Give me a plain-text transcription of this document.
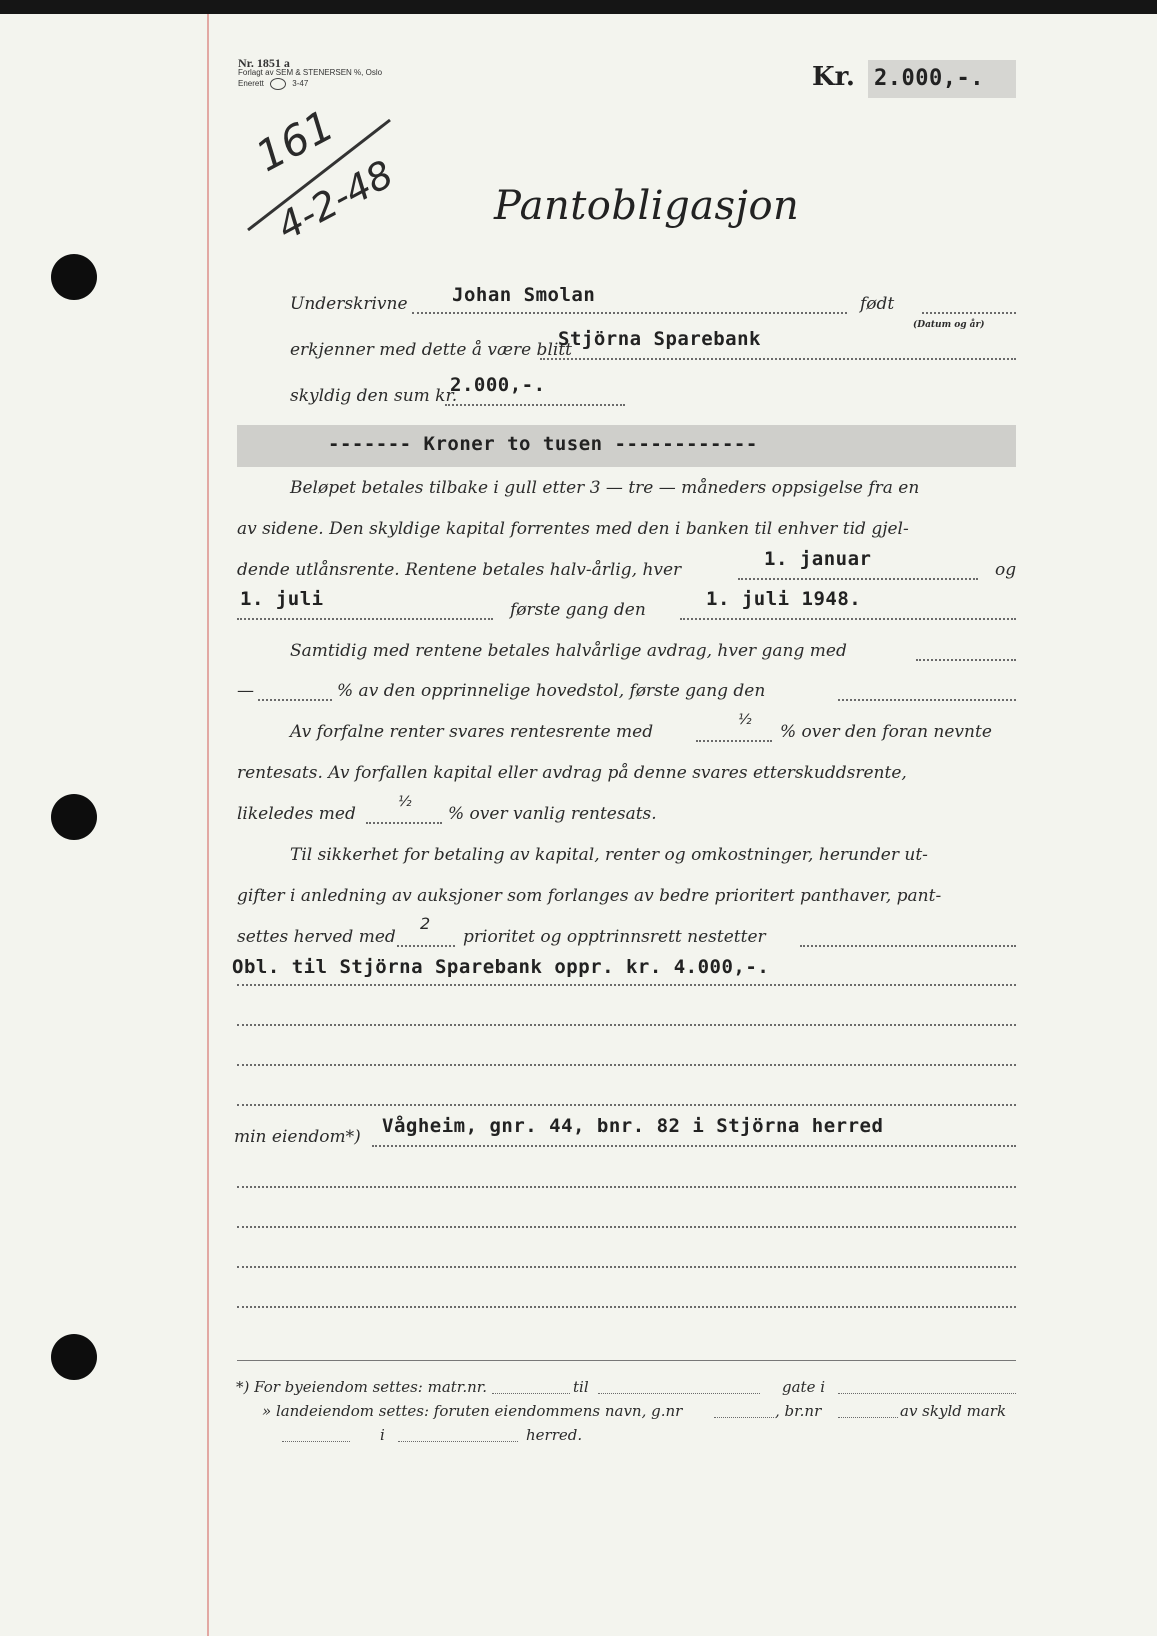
Nr. 1851 a
Forlagt av SEM & STENERSEN %, Oslo
Enerett	3-47
161
4-2-48
Kr. 2.000,-.
Pantobligasjon
Underskrivne Johan Smolan	født
(Datum og år)
erkjenner med dette å være blitt
Stjörna Sparebank
skyldig den sum kr.
2.000,-.
------- Kroner to tusen ------------
Beløpet betales tilbake i gull etter 3 — tre — måneders oppsigelse fra en
av sidene. Den skyldige kapital forrentes med den i banken til enhver tid gjel-
dende utlånsrente. Rentene betales halv-årlig, hver	1. januar	og
1. juli	første gang den	1. juli 1948.
Samtidig med rentene betales halvårlige avdrag, hver gang med
—	% av den opprinnelige hovedstol, første gang den
Av forfalne renter svares rentesrente med
½
% over den foran nevnte
rentesats. Av forfallen kapital eller avdrag på denne svares etterskuddsrente,
likeledes med
½
% over vanlig rentesats.
Til sikkerhet for betaling av kapital, renter og omkostninger, herunder ut-
gifter i anledning av auksjoner som forlanges av bedre prioritert panthaver, pant-
settes herved med
2
prioritet og opptrinnsrett nestetter
Obl. til Stjörna Sparebank oppr. kr. 4.000,-.
min eiendom*) Vågheim, gnr. 44, bnr. 82 i Stjörna herred
*) For byeiendom settes: matr.nr.	til	gate i
» landeiendom settes: foruten eiendommens navn, g.nr	, br.nr	av skyld mark
i	herred.
